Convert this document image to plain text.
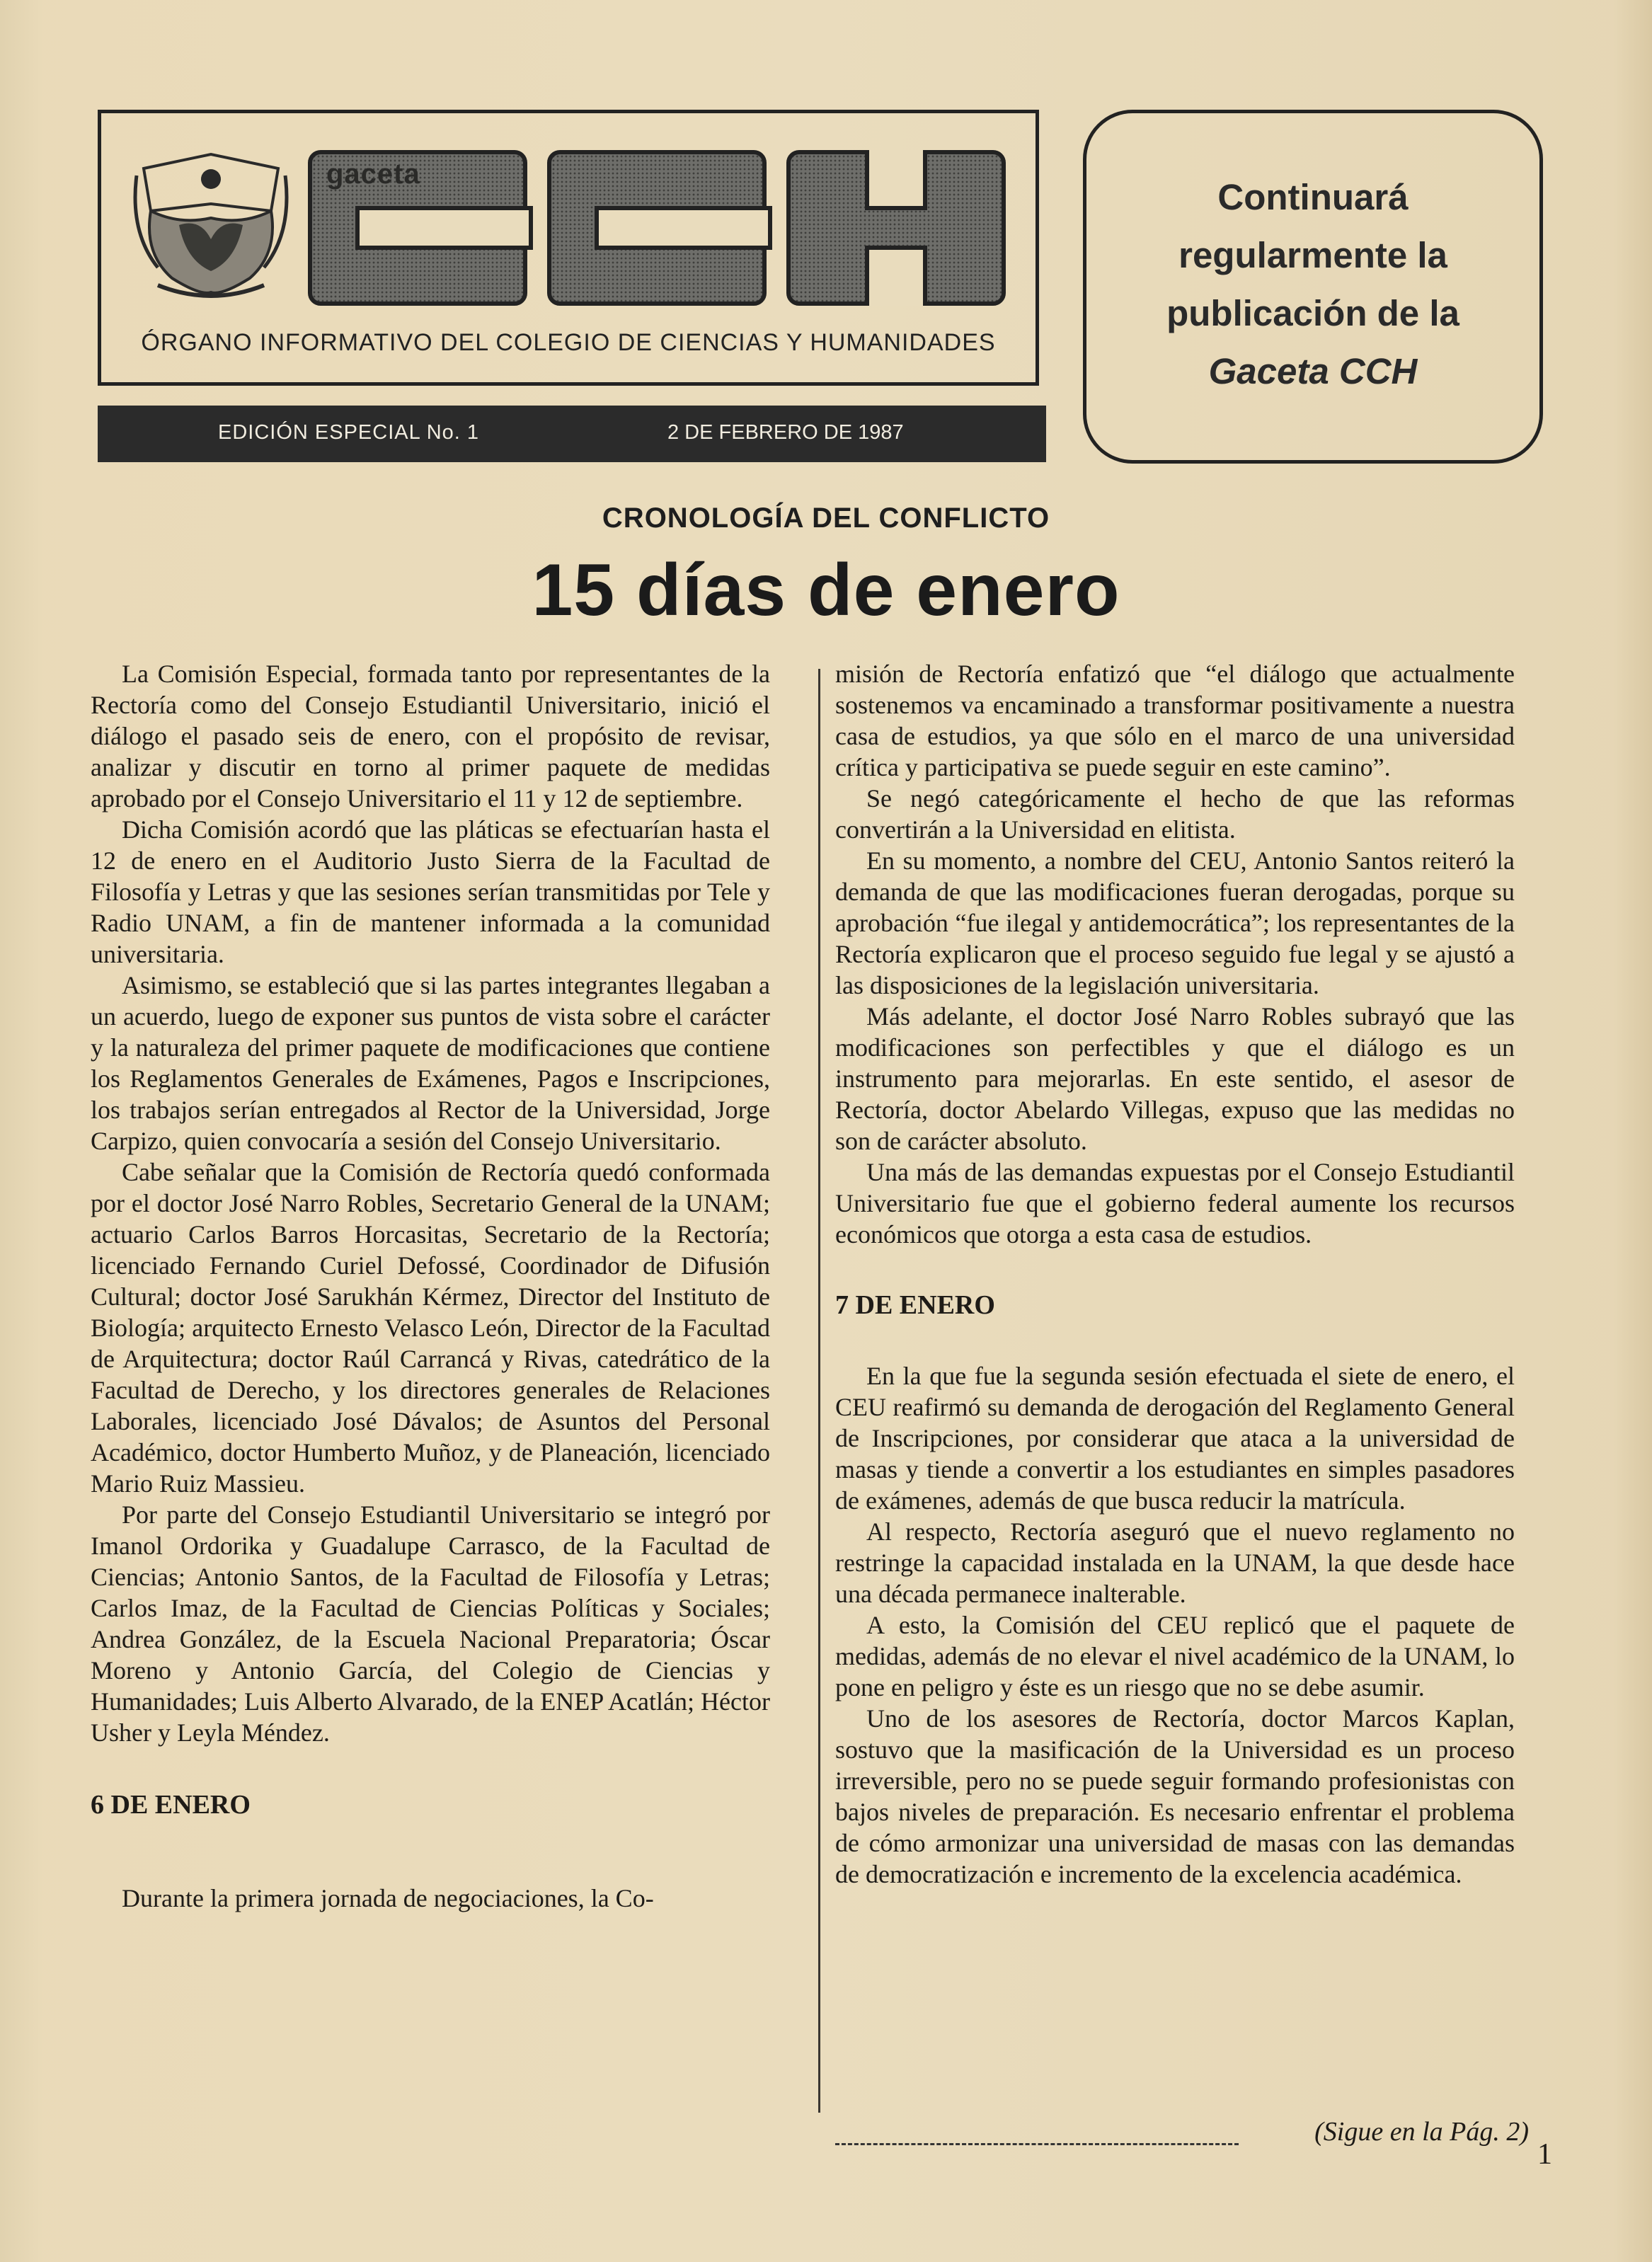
gaceta
ÓRGANO INFORMATIVO DEL COLEGIO DE CIENCIAS Y HUMANIDADES
EDICIÓN ESPECIAL No. 1	2 DE FEBRERO DE 1987
Continuará
regularmente la
publicación de la
Gaceta CCH
CRONOLOGÍA DEL CONFLICTO
15 días de enero

La Comisión Especial, formada tanto por representantes de la Rectoría como del Consejo Estudiantil Universitario, inició el diálogo el pasado seis de enero, con el propósito de revisar, analizar y discutir en torno al primer paquete de medidas aprobado por el Consejo Universitario el 11 y 12 de septiembre.

Dicha Comisión acordó que las pláticas se efectuarían hasta el 12 de enero en el Auditorio Justo Sierra de la Facultad de Filosofía y Letras y que las sesiones serían transmitidas por Tele y Radio UNAM, a fin de mantener informada a la comunidad universitaria.

Asimismo, se estableció que si las partes integrantes llegaban a un acuerdo, luego de exponer sus puntos de vista sobre el carácter y la naturaleza del primer paquete de modificaciones que contiene los Reglamentos Generales de Exámenes, Pagos e Inscripciones, los trabajos serían entregados al Rector de la Universidad, Jorge Carpizo, quien convocaría a sesión del Consejo Universitario.

Cabe señalar que la Comisión de Rectoría quedó conformada por el doctor José Narro Robles, Secretario General de la UNAM; actuario Carlos Barros Horcasitas, Secretario de la Rectoría; licenciado Fernando Curiel Defossé, Coordinador de Difusión Cultural; doctor José Sarukhán Kérmez, Director del Instituto de Biología; arquitecto Ernesto Velasco León, Director de la Facultad de Arquitectura; doctor Raúl Carrancá y Rivas, catedrático de la Facultad de Derecho, y los directores generales de Relaciones Laborales, licenciado José Dávalos; de Asuntos del Personal Académico, doctor Humberto Muñoz, y de Planeación, licenciado Mario Ruiz Massieu.

Por parte del Consejo Estudiantil Universitario se integró por Imanol Ordorika y Guadalupe Carrasco, de la Facultad de Ciencias; Antonio Santos, de la Facultad de Filosofía y Letras; Carlos Imaz, de la Facultad de Ciencias Políticas y Sociales; Andrea González, de la Escuela Nacional Preparatoria; Óscar Moreno y Antonio García, del Colegio de Ciencias y Humanidades; Luis Alberto Alvarado, de la ENEP Acatlán; Héctor Usher y Leyla Méndez.

6 DE ENERO

Durante la primera jornada de negociaciones, la Co-

misión de Rectoría enfatizó que “el diálogo que actualmente sostenemos va encaminado a transformar positivamente a nuestra casa de estudios, ya que sólo en el marco de una universidad crítica y participativa se puede seguir en este camino”.

Se negó categóricamente el hecho de que las reformas convertirán a la Universidad en elitista.

En su momento, a nombre del CEU, Antonio Santos reiteró la demanda de que las modificaciones fueran derogadas, porque su aprobación “fue ilegal y antidemocrática”; los representantes de la Rectoría explicaron que el proceso seguido fue legal y se ajustó a las disposiciones de la legislación universitaria.

Más adelante, el doctor José Narro Robles subrayó que las modificaciones son perfectibles y que el diálogo es un instrumento para mejorarlas. En este sentido, el asesor de Rectoría, doctor Abelardo Villegas, expuso que las medidas no son de carácter absoluto.

Una más de las demandas expuestas por el Consejo Estudiantil Universitario fue que el gobierno federal aumente los recursos económicos que otorga a esta casa de estudios.

7 DE ENERO

En la que fue la segunda sesión efectuada el siete de enero, el CEU reafirmó su demanda de derogación del Reglamento General de Inscripciones, por considerar que ataca a la universidad de masas y tiende a convertir a los estudiantes en simples pasadores de exámenes, además de que busca reducir la matrícula.

Al respecto, Rectoría aseguró que el nuevo reglamento no restringe la capacidad instalada en la UNAM, la que desde hace una década permanece inalterable.

A esto, la Comisión del CEU replicó que el paquete de medidas, además de no elevar el nivel académico de la UNAM, lo pone en peligro y éste es un riesgo que no se debe asumir.

Uno de los asesores de Rectoría, doctor Marcos Kaplan, sostuvo que la masificación de la Universidad es un proceso irreversible, pero no se puede seguir formando profesionistas con bajos niveles de preparación. Es necesario enfrentar el problema de cómo armonizar una universidad de masas con las demandas de democratización e incremento de la excelencia académica.

(Sigue en la Pág. 2)
1
